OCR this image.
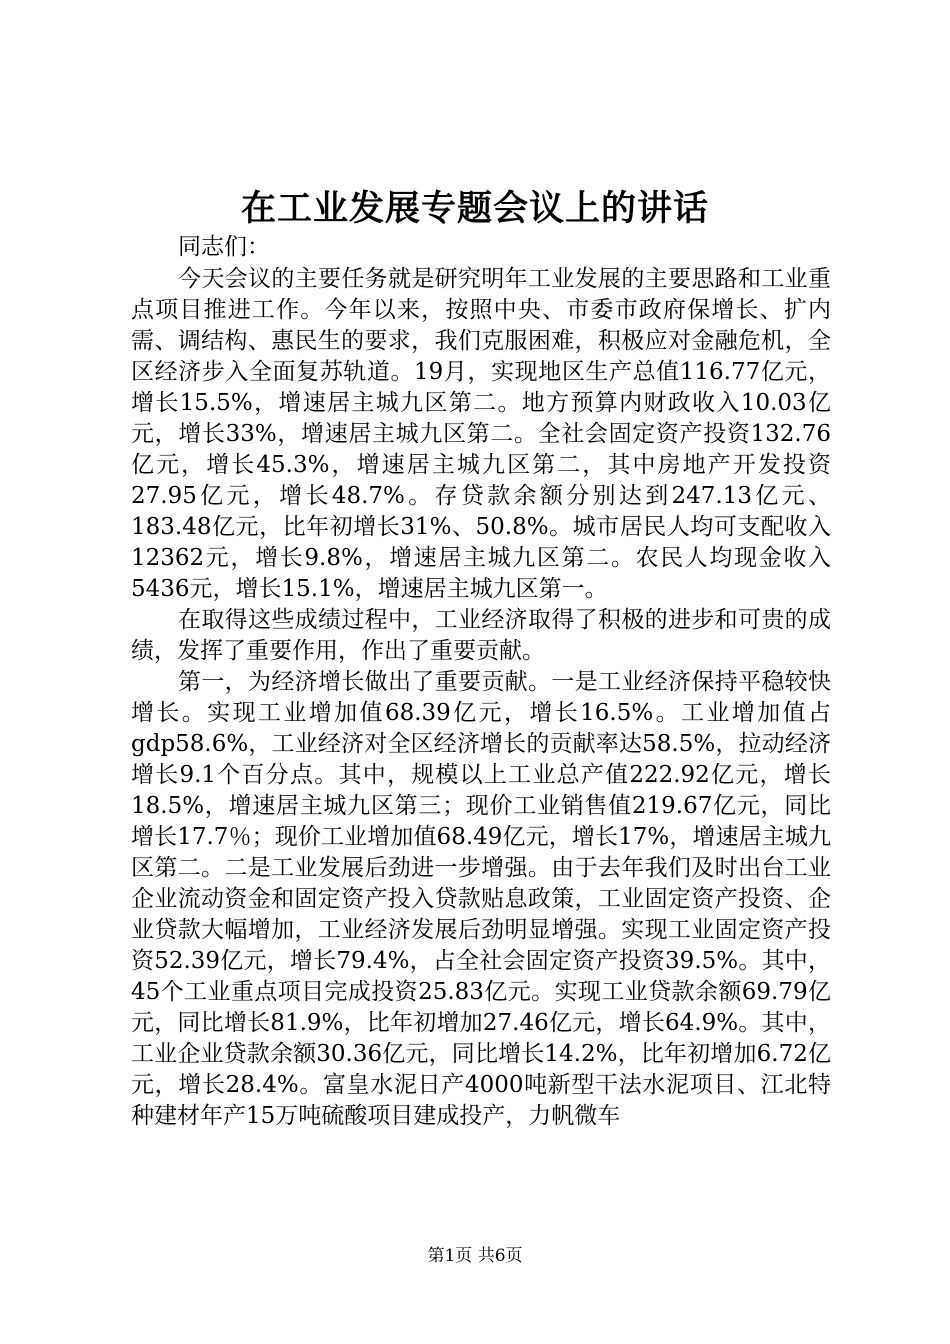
在工业发展专题会议上的讲话

同志们：

今天会议的主要任务就是研究明年工业发展的主要思路和工业重点项目推进工作。今年以来，按照中央、市委市政府保增长、扩内需、调结构、惠民生的要求，我们克服困难，积极应对金融危机，全区经济步入全面复苏轨道。19月，实现地区生产总值116.77亿元，增长15.5%，增速居主城九区第二。地方预算内财政收入10.03亿元，增长33%，增速居主城九区第二。全社会固定资产投资132.76亿元，增长45.3%，增速居主城九区第二，其中房地产开发投资27.95亿元，增长48.7%。存贷款余额分别达到247.13亿元、183.48亿元，比年初增长31%、50.8%。城市居民人均可支配收入12362元，增长9.8%，增速居主城九区第二。农民人均现金收入5436元，增长15.1%，增速居主城九区第一。

在取得这些成绩过程中，工业经济取得了积极的进步和可贵的成绩，发挥了重要作用，作出了重要贡献。

第一，为经济增长做出了重要贡献。一是工业经济保持平稳较快增长。实现工业增加值68.39亿元，增长16.5%。工业增加值占gdp58.6%，工业经济对全区经济增长的贡献率达58.5%，拉动经济增长9.1个百分点。其中，规模以上工业总产值222.92亿元，增长18.5%，增速居主城九区第三；现价工业销售值219.67亿元，同比增长17.7％；现价工业增加值68.49亿元，增长17%，增速居主城九区第二。二是工业发展后劲进一步增强。由于去年我们及时出台工业企业流动资金和固定资产投入贷款贴息政策，工业固定资产投资、企业贷款大幅增加，工业经济发展后劲明显增强。实现工业固定资产投资52.39亿元，增长79.4%，占全社会固定资产投资39.5%。其中，45个工业重点项目完成投资25.83亿元。实现工业贷款余额69.79亿元，同比增长81.9%，比年初增加27.46亿元，增长64.9%。其中，工业企业贷款余额30.36亿元，同比增长14.2%，比年初增加6.72亿元，增长28.4%。富皇水泥日产4000吨新型干法水泥项目、江北特种建材年产15万吨硫酸项目建成投产，力帆微车

第1页 共6页
